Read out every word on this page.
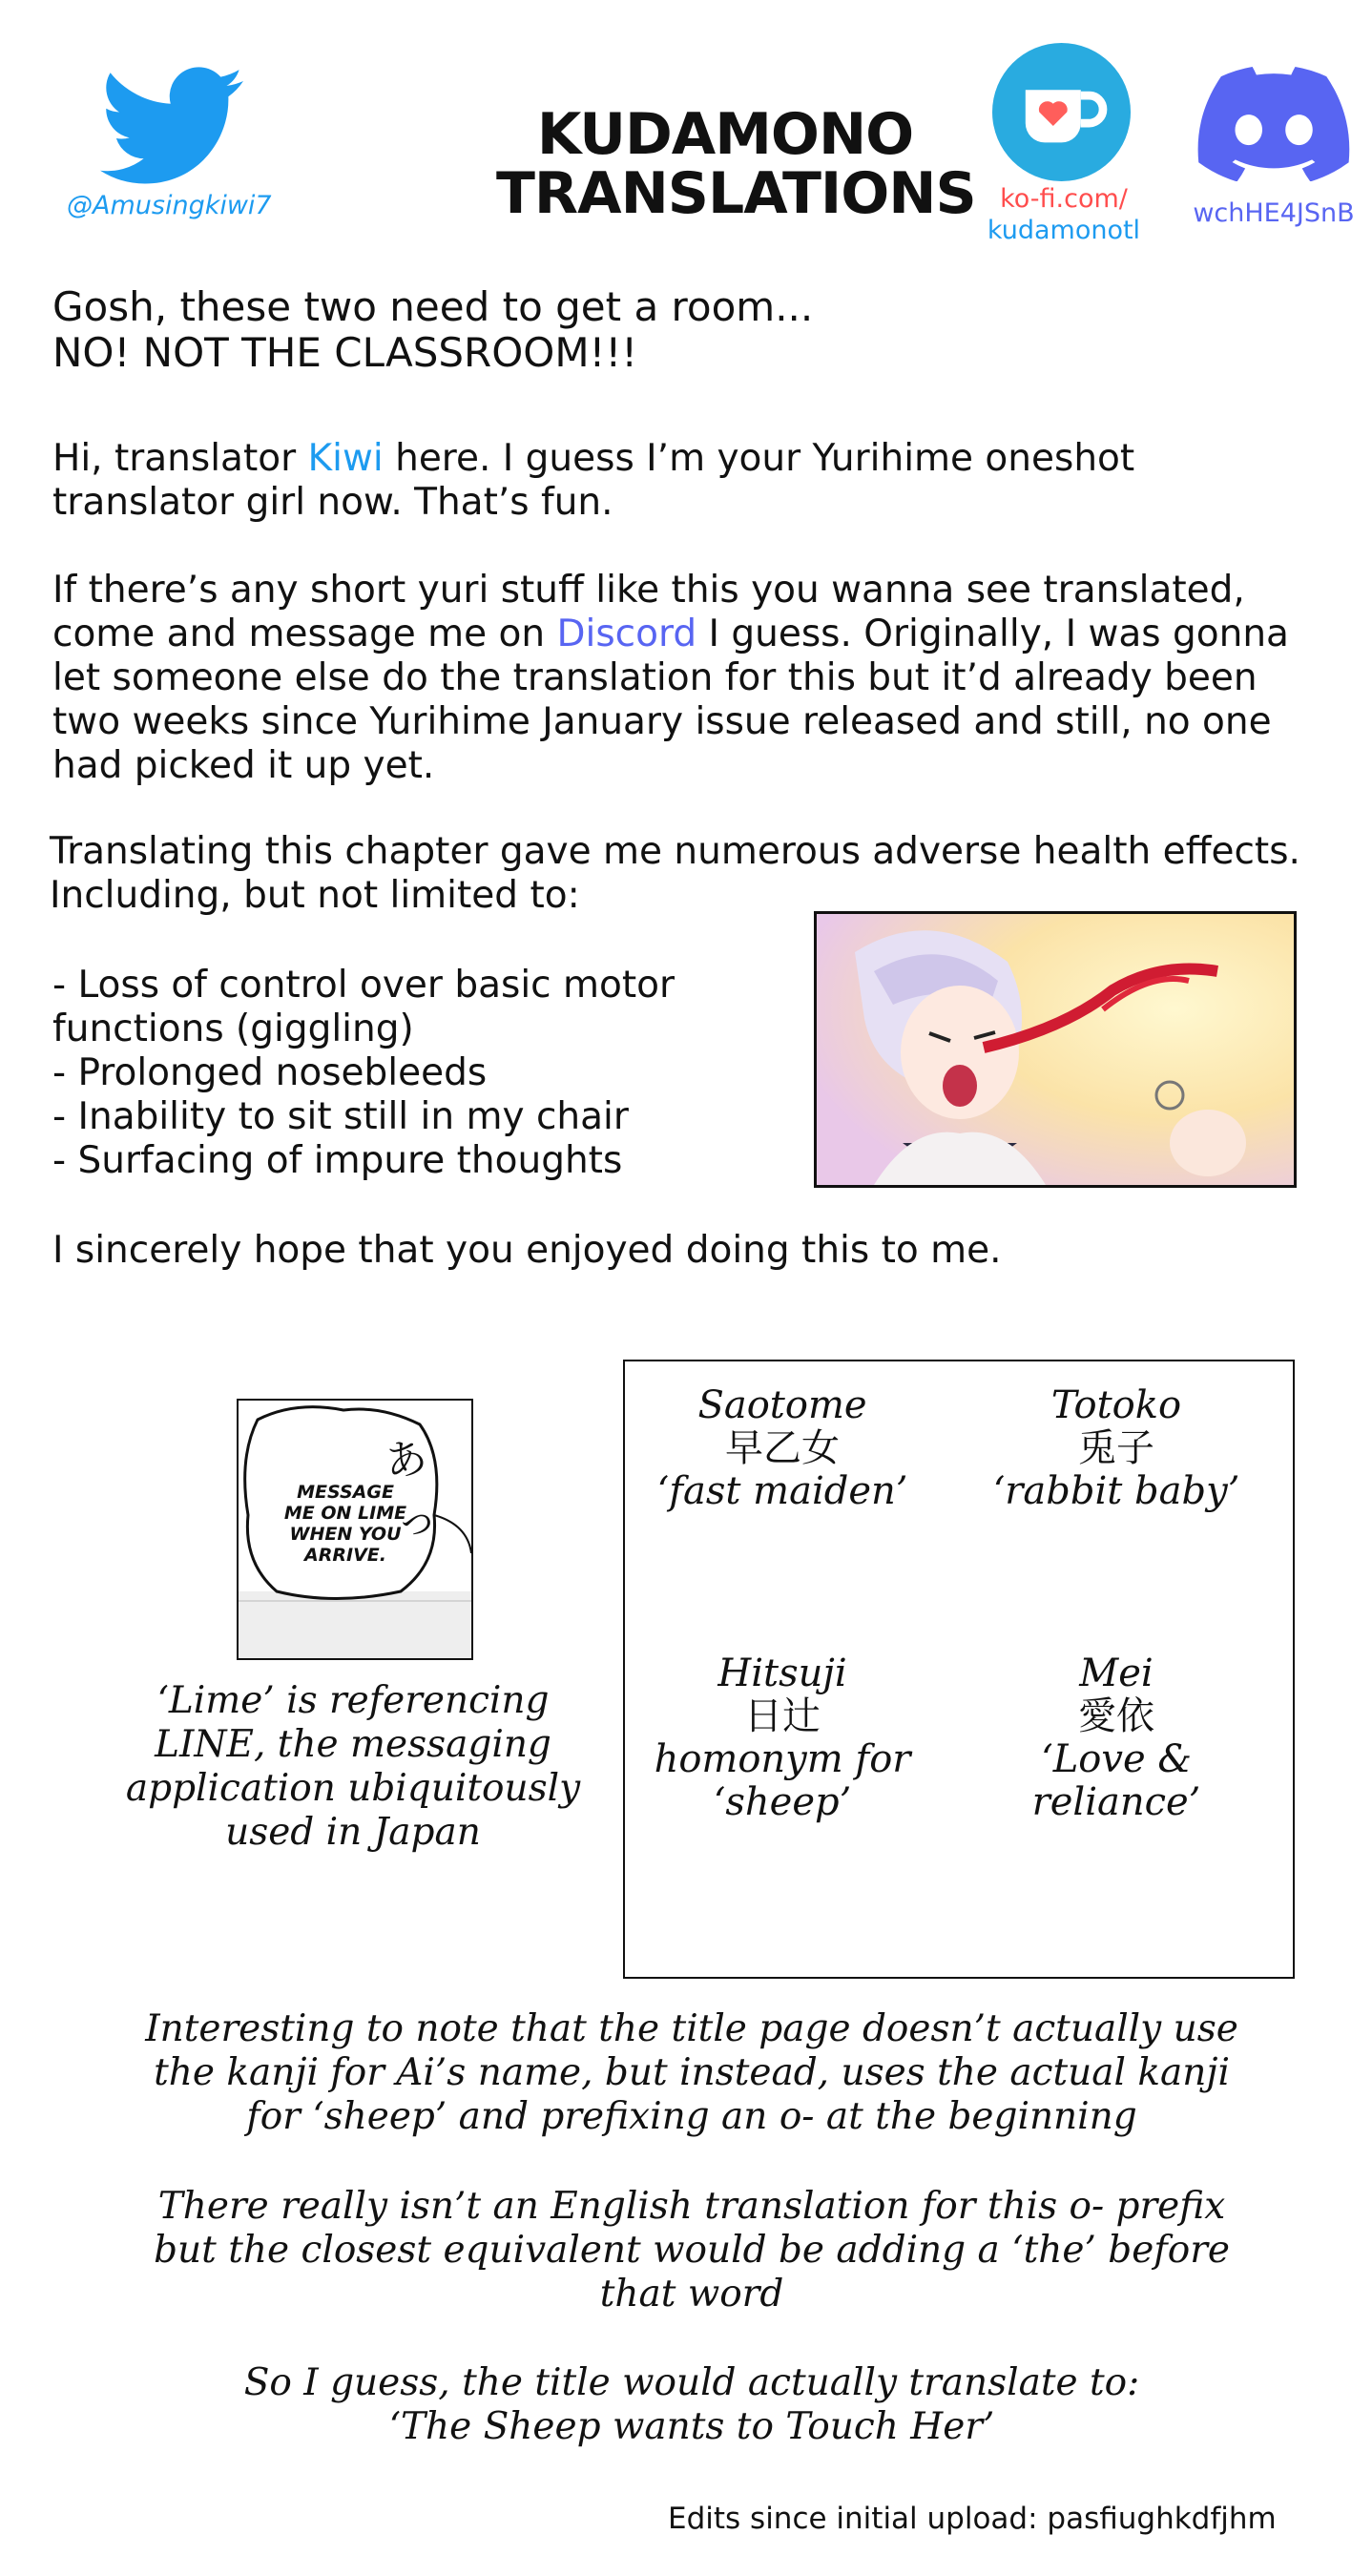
@Amusingkiwi7
KUDAMONO
TRANSLATIONS ko-fi.com/
kudamonotl
wchHE4JSnB
Gosh, these two need to get a room...
NO! NOT THE CLASSROOM!!!
Hi, translator Kiwi here. I guess I’m your Yurihime oneshot
translator girl now. That’s fun.
If there’s any short yuri stuff like this you wanna see translated,
come and message me on Discord I guess. Originally, I was gonna
let someone else do the translation for this but it’d already been
two weeks since Yurihime January issue released and still, no one
had picked it up yet.
Translating this chapter gave me numerous adverse health effects.
Including, but not limited to:
- Loss of control over basic motor
functions (giggling)
- Prolonged nosebleeds
- Inability to sit still in my chair
- Surfacing of impure thoughts
I sincerely hope that you enjoyed doing this to me.
MESSAGE
ME ON LIME
WHEN YOU
ARRIVE.
あっ
‘Lime’ is referencing
LINE, the messaging
application ubiquitously
used in Japan
Saotome
早乙女
‘fast maiden’
Totoko
兎子
‘rabbit baby’
Hitsuji
日辻
homonym for
‘sheep’
Mei
愛依
‘Love &
reliance’
Interesting to note that the title page doesn’t actually use
the kanji for Ai’s name, but instead, uses the actual kanji
for ‘sheep’ and prefixing an o- at the beginning
There really isn’t an English translation for this o- prefix
but the closest equivalent would be adding a ‘the’ before
that word
So I guess, the title would actually translate to:
‘The Sheep wants to Touch Her’
Edits since initial upload: pasfiughkdfjhm
